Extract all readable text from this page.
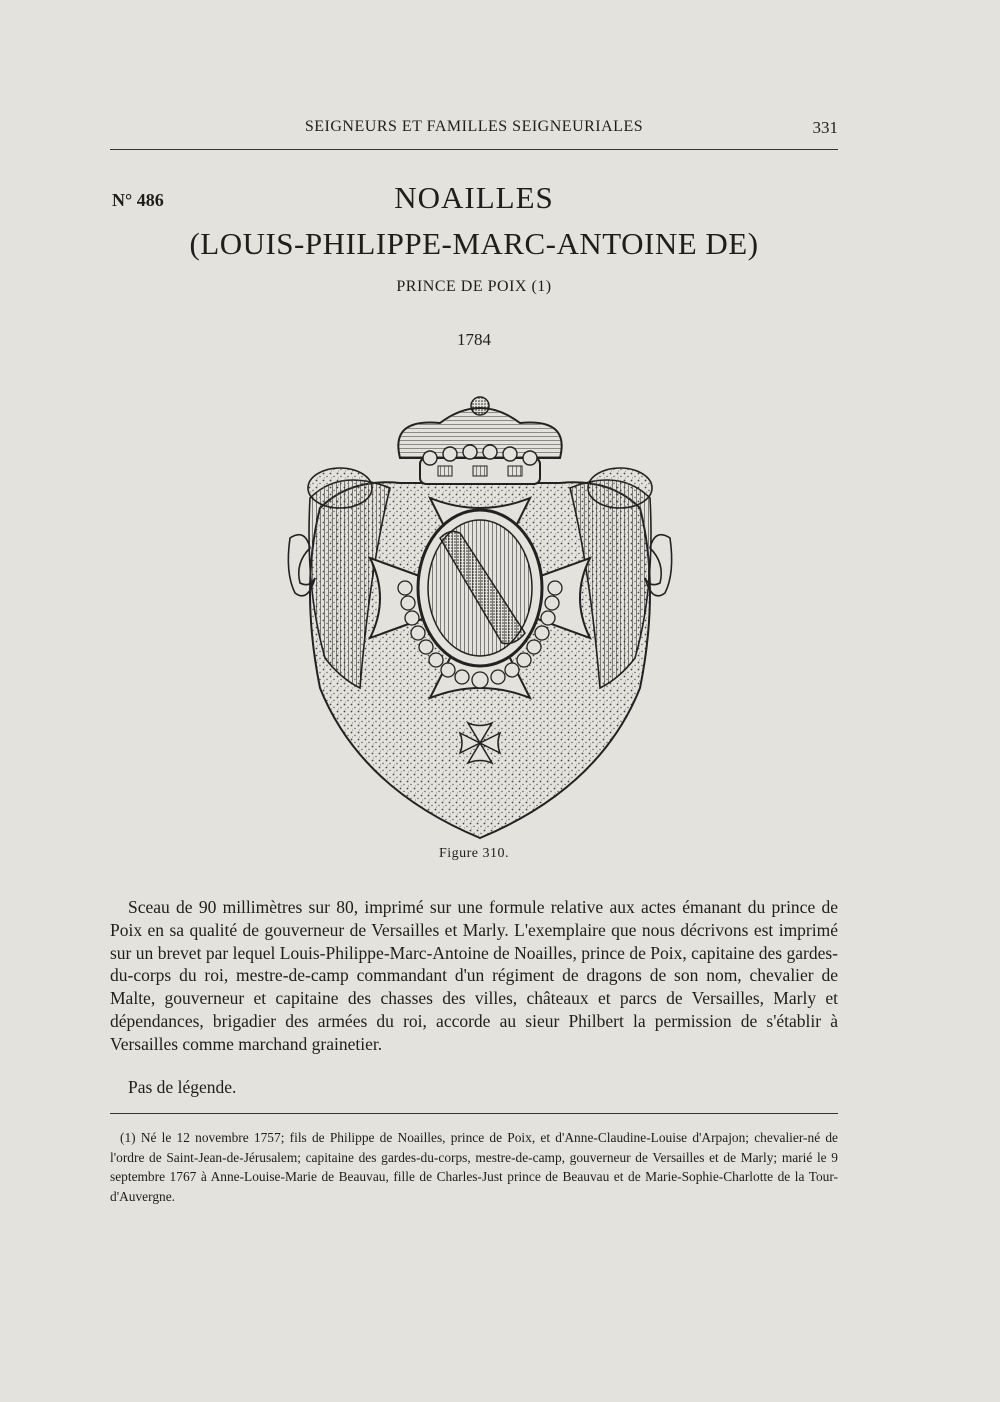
SEIGNEURS ET FAMILLES SEIGNEURIALES	331
N° 486	NOAILLES
(LOUIS-PHILIPPE-MARC-ANTOINE DE)
PRINCE DE POIX (1)
1784
Figure 310.

Sceau de 90 millimètres sur 80, imprimé sur une formule relative aux actes émanant du prince de Poix en sa qualité de gouverneur de Versailles et Marly. L'exemplaire que nous décrivons est imprimé sur un brevet par lequel Louis-Philippe-Marc-Antoine de Noailles, prince de Poix, capitaine des gardes-du-corps du roi, mestre-de-camp commandant d'un régiment de dragons de son nom, chevalier de Malte, gouverneur et capitaine des chasses des villes, châteaux et parcs de Versailles, Marly et dépendances, brigadier des armées du roi, accorde au sieur Philbert la permission de s'établir à Versailles comme marchand grainetier.

Pas de légende.

(1) Né le 12 novembre 1757; fils de Philippe de Noailles, prince de Poix, et d'Anne-Claudine-Louise d'Arpajon; chevalier-né de l'ordre de Saint-Jean-de-Jérusalem; capitaine des gardes-du-corps, mestre-de-camp, gouverneur de Versailles et de Marly; marié le 9 septembre 1767 à Anne-Louise-Marie de Beauvau, fille de Charles-Just prince de Beauvau et de Marie-Sophie-Charlotte de la Tour-d'Auvergne.
